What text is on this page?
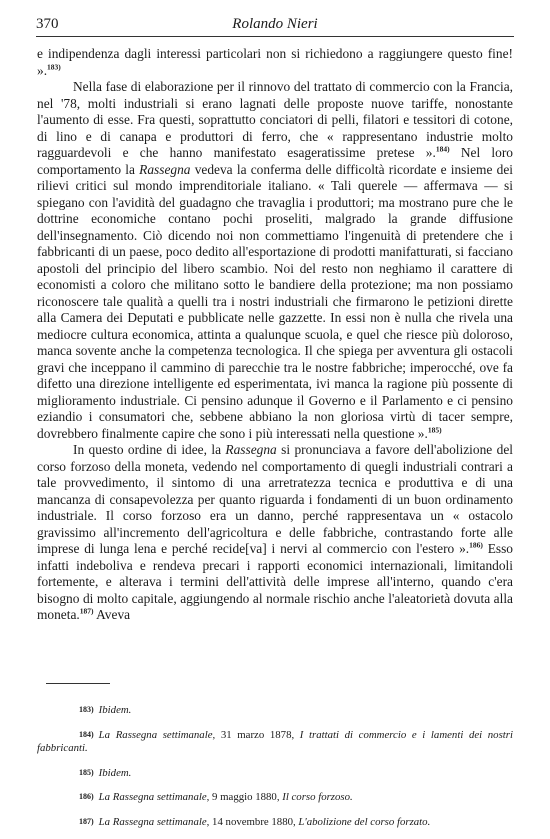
370	Rolando Nieri

e indipendenza dagli interessi particolari non si richiedono a raggiungere questo fine! ».$^{183)}$

Nella fase di elaborazione per il rinnovo del trattato di commercio con la Francia, nel '78, molti industriali si erano lagnati delle proposte nuove tariffe, nonostante l'aumento di esse. Fra questi, soprattutto conciatori di pelli, filatori e tessitori di cotone, di lino e di canapa e produttori di ferro, che « rappresentano industrie molto ragguardevoli e che hanno manifestato esageratissime pretese ».$^{184)}$ Nel loro comportamento la Rassegna vedeva la conferma delle difficoltà ricordate e insieme dei rilievi critici sul mondo imprenditoriale italiano. « Tali querele — affermava — si spiegano con l'avidità del guadagno che travaglia i produttori; ma mostrano pure che le dottrine economiche contano pochi proseliti, malgrado la grande diffusione dell'insegnamento. Ciò dicendo noi non commettiamo l'ingenuità di pretendere che i fabbricanti di un paese, poco dedito all'esportazione di prodotti manifatturati, si facciano apostoli del principio del libero scambio. Noi del resto non neghiamo il carattere di economisti a coloro che militano sotto le bandiere della protezione; ma non possiamo riconoscere tale qualità a quelli tra i nostri industriali che firmarono le petizioni dirette alla Camera dei Deputati e pubblicate nelle gazzette. In essi non è nulla che rivela una mediocre cultura economica, attinta a qualunque scuola, e quel che riesce più doloroso, manca sovente anche la competenza tecnologica. Il che spiega per avventura gli ostacoli gravi che inceppano il cammino di parecchie tra le nostre fabbriche; imperocché, ove fa difetto una direzione intelligente ed esperimentata, ivi manca la ragione più possente di miglioramento industriale. Ci pensino adunque il Governo e il Parlamento e ci pensino eziandio i consumatori che, sebbene abbiano la non gloriosa virtù di tacer sempre, dovrebbero finalmente capire che sono i più interessati nella questione ».$^{185)}$

In questo ordine di idee, la Rassegna si pronunciava a favore dell'abolizione del corso forzoso della moneta, vedendo nel comportamento di quegli industriali contrari a tale provvedimento, il sintomo di una arretratezza tecnica e produttiva e di una mancanza di consapevolezza per quanto riguarda i fondamenti di un buon ordinamento industriale. Il corso forzoso era un danno, perché rappresentava un « ostacolo gravissimo all'incremento dell'agricoltura e delle fabbriche, contrastando forte alle imprese di lunga lena e perché recide[va] i nervi al commercio con l'estero ».$^{186)}$ Esso infatti indeboliva e rendeva precari i rapporti economici internazionali, limitandoli fortemente, e alterava i termini dell'attività delle imprese all'interno, quando c'era bisogno di molto capitale, aggiungendo al normale rischio anche l'aleatorietà dovuta alla moneta.$^{187)}$ Aveva

183) Ibidem.

184) La Rassegna settimanale, 31 marzo 1878, I trattati di commercio e i lamenti dei nostri fabbricanti.

185) Ibidem.

186) La Rassegna settimanale, 9 maggio 1880, Il corso forzoso.

187) La Rassegna settimanale, 14 novembre 1880, L'abolizione del corso forzato.
